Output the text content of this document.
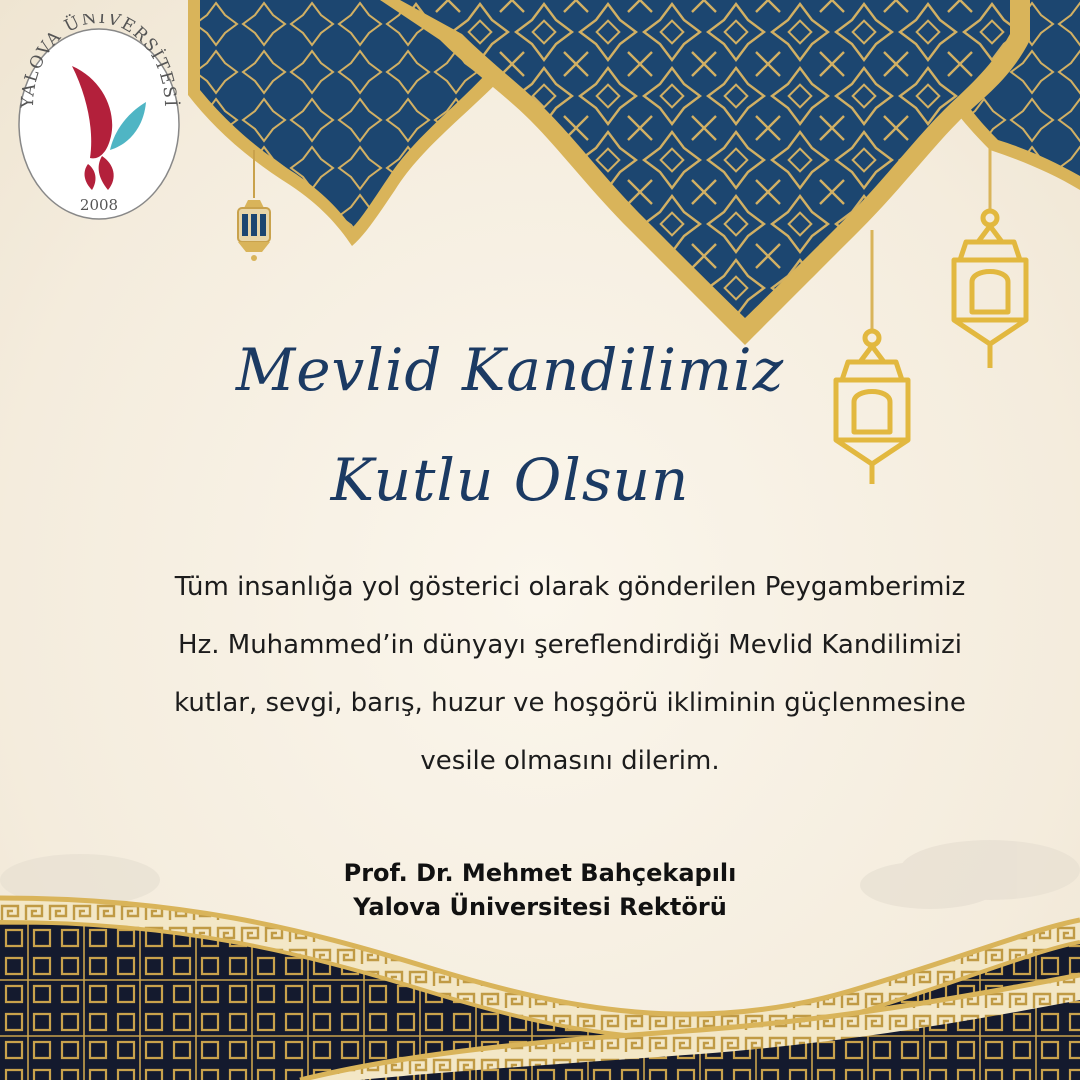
YALOVA ÜNİVERSİTESİ
2008
Mevlid Kandilimiz
Kutlu Olsun

Tüm insanlığa yol gösterici olarak gönderilen Peygamberimiz

Hz. Muhammed’in dünyayı şereflendirdiği Mevlid Kandilimizi

kutlar, sevgi, barış, huzur ve hoşgörü ikliminin güçlenmesine

vesile olmasını dilerim.

Prof. Dr. Mehmet Bahçekapılı
Yalova Üniversitesi Rektörü
